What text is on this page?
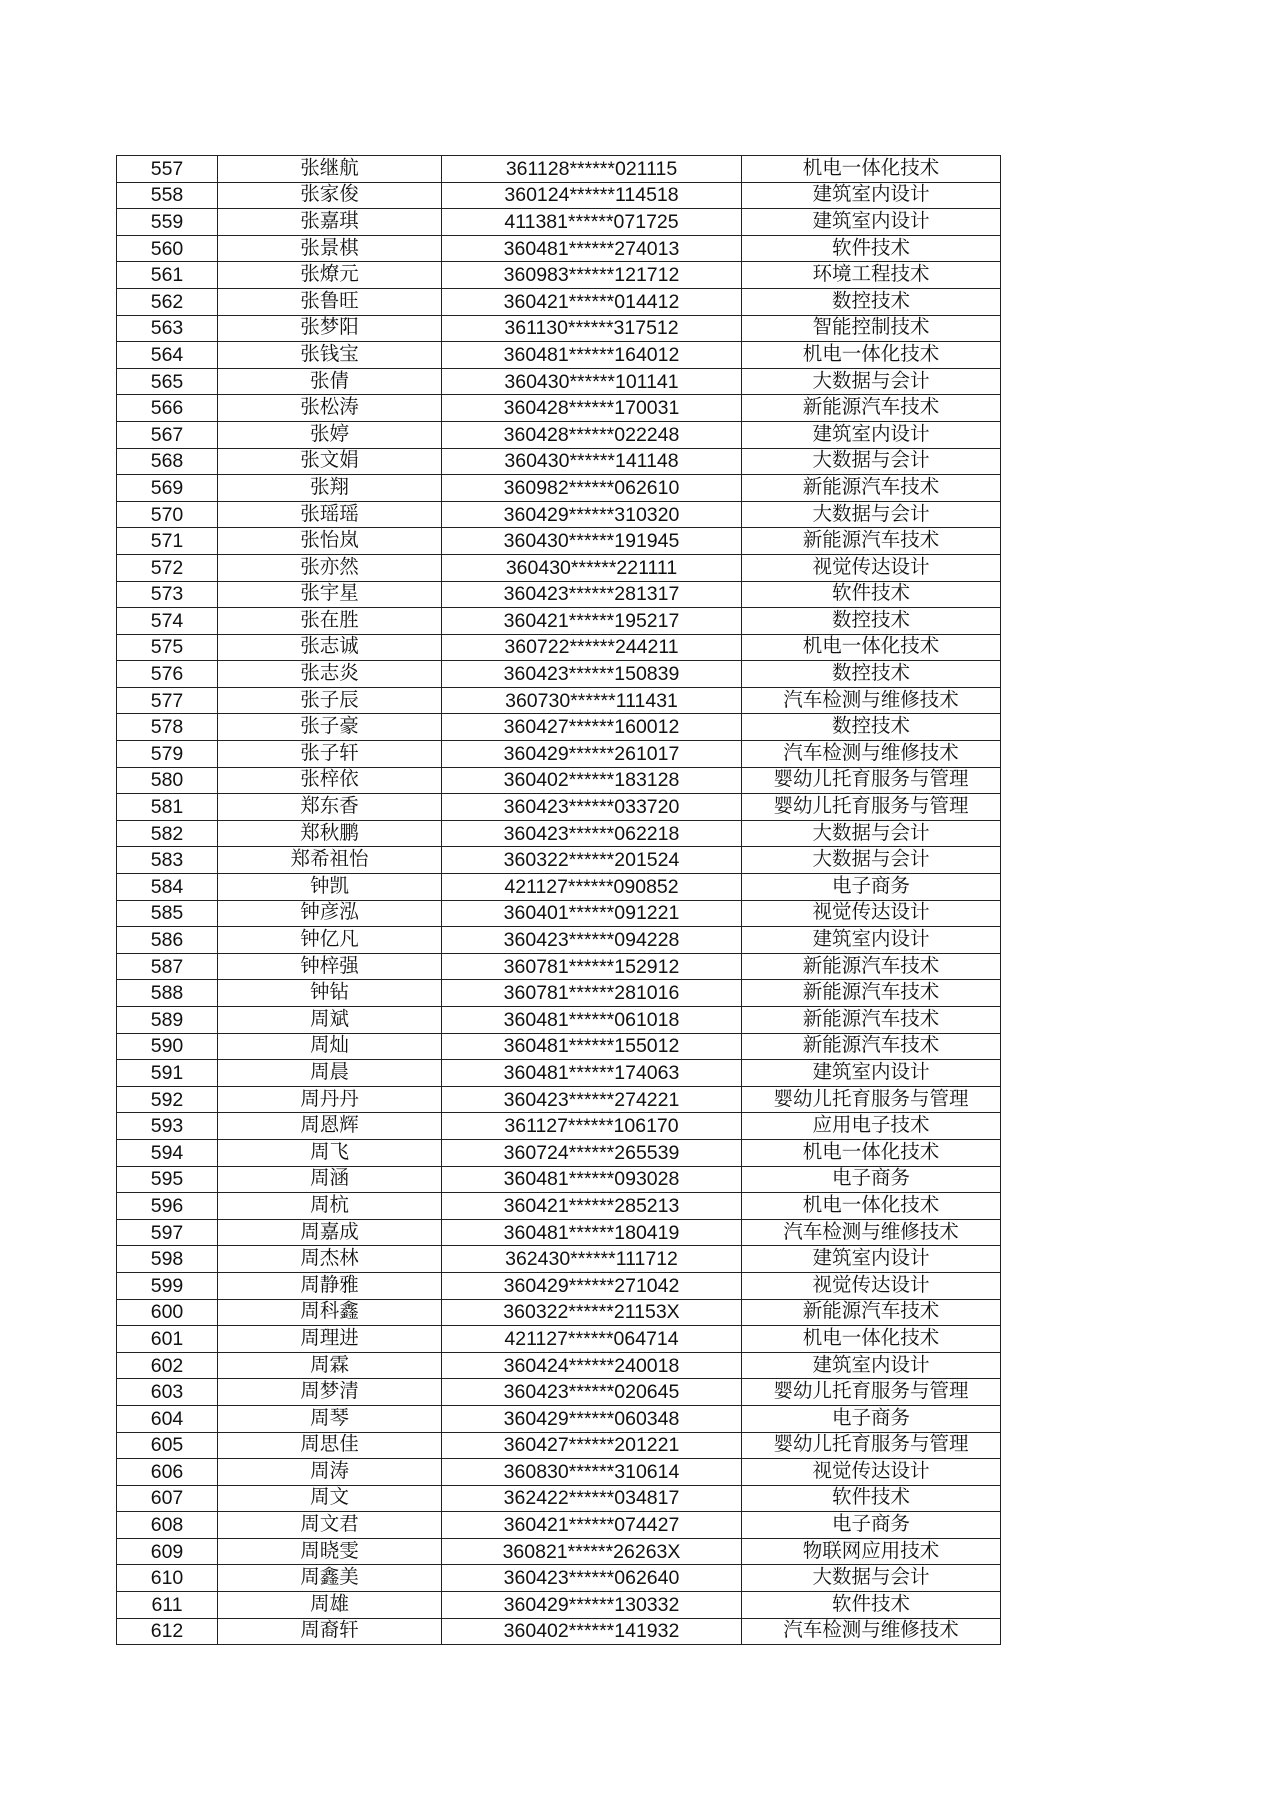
557	张继航	361128******021115	机电一体化技术
558	张家俊	360124******114518	建筑室内设计
559	张嘉琪	411381******071725	建筑室内设计
560	张景棋	360481******274013	软件技术
561	张燎元	360983******121712	环境工程技术
562	张鲁旺	360421******014412	数控技术
563	张梦阳	361130******317512	智能控制技术
564	张钱宝	360481******164012	机电一体化技术
565	张倩	360430******101141	大数据与会计
566	张松涛	360428******170031	新能源汽车技术
567	张婷	360428******022248	建筑室内设计
568	张文娟	360430******141148	大数据与会计
569	张翔	360982******062610	新能源汽车技术
570	张瑶瑶	360429******310320	大数据与会计
571	张怡岚	360430******191945	新能源汽车技术
572	张亦然	360430******221111	视觉传达设计
573	张宇星	360423******281317	软件技术
574	张在胜	360421******195217	数控技术
575	张志诚	360722******244211	机电一体化技术
576	张志炎	360423******150839	数控技术
577	张子辰	360730******111431	汽车检测与维修技术
578	张子豪	360427******160012	数控技术
579	张子轩	360429******261017	汽车检测与维修技术
580	张梓依	360402******183128	婴幼儿托育服务与管理
581	郑东香	360423******033720	婴幼儿托育服务与管理
582	郑秋鹏	360423******062218	大数据与会计
583	郑希祖怡	360322******201524	大数据与会计
584	钟凯	421127******090852	电子商务
585	钟彦泓	360401******091221	视觉传达设计
586	钟亿凡	360423******094228	建筑室内设计
587	钟梓强	360781******152912	新能源汽车技术
588	钟钻	360781******281016	新能源汽车技术
589	周斌	360481******061018	新能源汽车技术
590	周灿	360481******155012	新能源汽车技术
591	周晨	360481******174063	建筑室内设计
592	周丹丹	360423******274221	婴幼儿托育服务与管理
593	周恩辉	361127******106170	应用电子技术
594	周飞	360724******265539	机电一体化技术
595	周涵	360481******093028	电子商务
596	周杭	360421******285213	机电一体化技术
597	周嘉成	360481******180419	汽车检测与维修技术
598	周杰林	362430******111712	建筑室内设计
599	周静雅	360429******271042	视觉传达设计
600	周科鑫	360322******21153X	新能源汽车技术
601	周理进	421127******064714	机电一体化技术
602	周霖	360424******240018	建筑室内设计
603	周梦清	360423******020645	婴幼儿托育服务与管理
604	周琴	360429******060348	电子商务
605	周思佳	360427******201221	婴幼儿托育服务与管理
606	周涛	360830******310614	视觉传达设计
607	周文	362422******034817	软件技术
608	周文君	360421******074427	电子商务
609	周晓雯	360821******26263X	物联网应用技术
610	周鑫美	360423******062640	大数据与会计
611	周雄	360429******130332	软件技术
612	周裔轩	360402******141932	汽车检测与维修技术
